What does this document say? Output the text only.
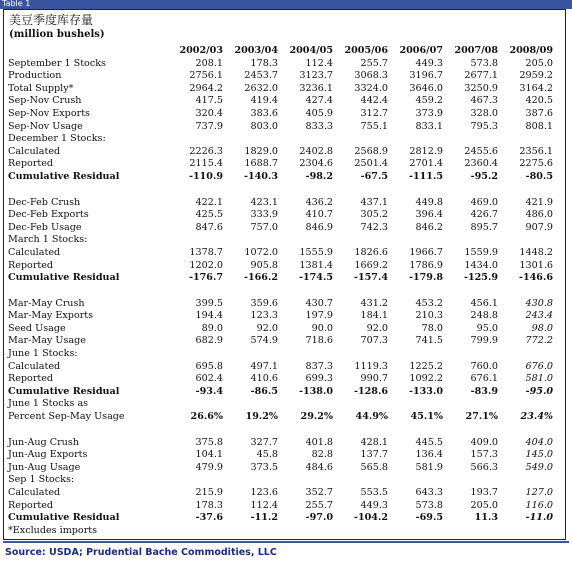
Table 1
美豆季度库存量
(million bushels)
	2002/03	2003/04	2004/05	2005/06	2006/07	2007/08	2008/09
September 1 Stocks	208.1	178.3	112.4	255.7	449.3	573.8	205.0
Production	2756.1	2453.7	3123.7	3068.3	3196.7	2677.1	2959.2
Total Supply*	2964.2	2632.0	3236.1	3324.0	3646.0	3250.9	3164.2
Sep-Nov Crush	417.5	419.4	427.4	442.4	459.2	467.3	420.5
Sep-Nov Exports	320.4	383.6	405.9	312.7	373.9	328.0	387.6
Sep-Nov Usage	737.9	803.0	833.3	755.1	833.1	795.3	808.1
December 1 Stocks:							
Calculated	2226.3	1829.0	2402.8	2568.9	2812.9	2455.6	2356.1
Reported	2115.4	1688.7	2304.6	2501.4	2701.4	2360.4	2275.6
Cumulative Residual	-110.9	-140.3	-98.2	-67.5	-111.5	-95.2	-80.5

Dec-Feb Crush	422.1	423.1	436.2	437.1	449.8	469.0	421.9
Dec-Feb Exports	425.5	333.9	410.7	305.2	396.4	426.7	486.0
Dec-Feb Usage	847.6	757.0	846.9	742.3	846.2	895.7	907.9
March 1 Stocks:							
Calculated	1378.7	1072.0	1555.9	1826.6	1966.7	1559.9	1448.2
Reported	1202.0	905.8	1381.4	1669.2	1786.9	1434.0	1301.6
Cumulative Residual	-176.7	-166.2	-174.5	-157.4	-179.8	-125.9	-146.6

Mar-May Crush	399.5	359.6	430.7	431.2	453.2	456.1	430.8
Mar-May Exports	194.4	123.3	197.9	184.1	210.3	248.8	243.4
Seed Usage	89.0	92.0	90.0	92.0	78.0	95.0	98.0
Mar-May Usage	682.9	574.9	718.6	707.3	741.5	799.9	772.2
June 1 Stocks:							
Calculated	695.8	497.1	837.3	1119.3	1225.2	760.0	676.0
Reported	602.4	410.6	699.3	990.7	1092.2	676.1	581.0
Cumulative Residual	-93.4	-86.5	-138.0	-128.6	-133.0	-83.9	-95.0
June 1 Stocks as							
Percent Sep-May Usage	26.6%	19.2%	29.2%	44.9%	45.1%	27.1%	23.4%

Jun-Aug Crush	375.8	327.7	401.8	428.1	445.5	409.0	404.0
Jun-Aug Exports	104.1	45.8	82.8	137.7	136.4	157.3	145.0
Jun-Aug Usage	479.9	373.5	484.6	565.8	581.9	566.3	549.0
Sep 1 Stocks:							
Calculated	215.9	123.6	352.7	553.5	643.3	193.7	127.0
Reported	178.3	112.4	255.7	449.3	573.8	205.0	116.0
Cumulative Residual	-37.6	-11.2	-97.0	-104.2	-69.5	11.3	-11.0
*Excludes imports							
Source: USDA; Prudential Bache Commodities, LLC
